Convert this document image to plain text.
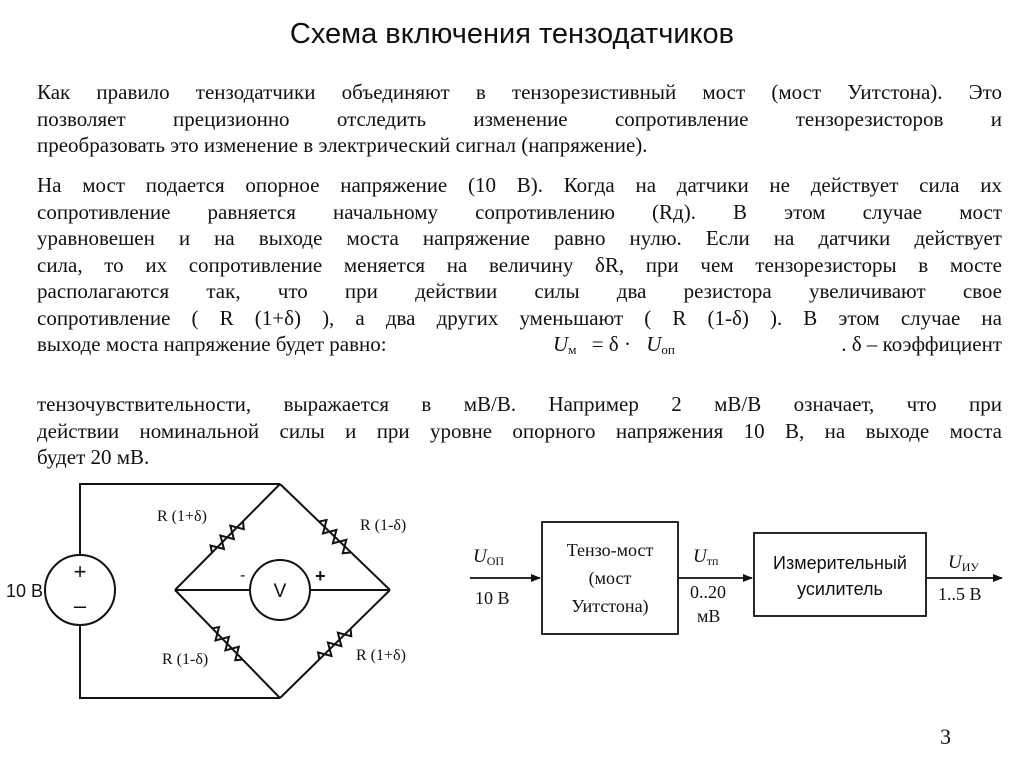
Схема включения тензодатчиков
Как правило тензодатчики объединяют в тензорезистивный мост (мост Уитстона). Это
позволяет прецизионно отследить изменение сопротивление тензорезисторов и
преобразовать это изменение в электрический сигнал (напряжение).
На мост подается опорное напряжение (10 В). Когда на датчики не действует сила их
сопротивление равняется начальному сопротивлению (Rд). В этом случае мост
уравновешен и на выходе моста напряжение равно нулю. Если на датчики действует
сила, то их сопротивление меняется на величину δR, при чем тензорезисторы в мосте
располагаются так, что при действии силы два резистора увеличивают свое
сопротивление ( R (1+δ) ), а два других уменьшают ( R (1-δ) ). В этом случае на
выходе моста напряжение будет равно:	$U_м = \delta \cdot U_{оп}$	. δ – коэффициент
тензочувствительности, выражается в мВ/В. Например 2 мВ/В означает, что при
действии номинальной силы и при уровне опорного напряжения 10 В, на выходе моста
будет 20 мВ.
10 В
+
–
R (1+δ)
R (1-δ)
R (1-δ)	R (1+δ)
V
-	+
UОП
10 В
Тензо-мост
(мост
Уитстона)
Uтп
0..20
мВ
Измерительный
усилитель
UИУ
1..5 В
3
